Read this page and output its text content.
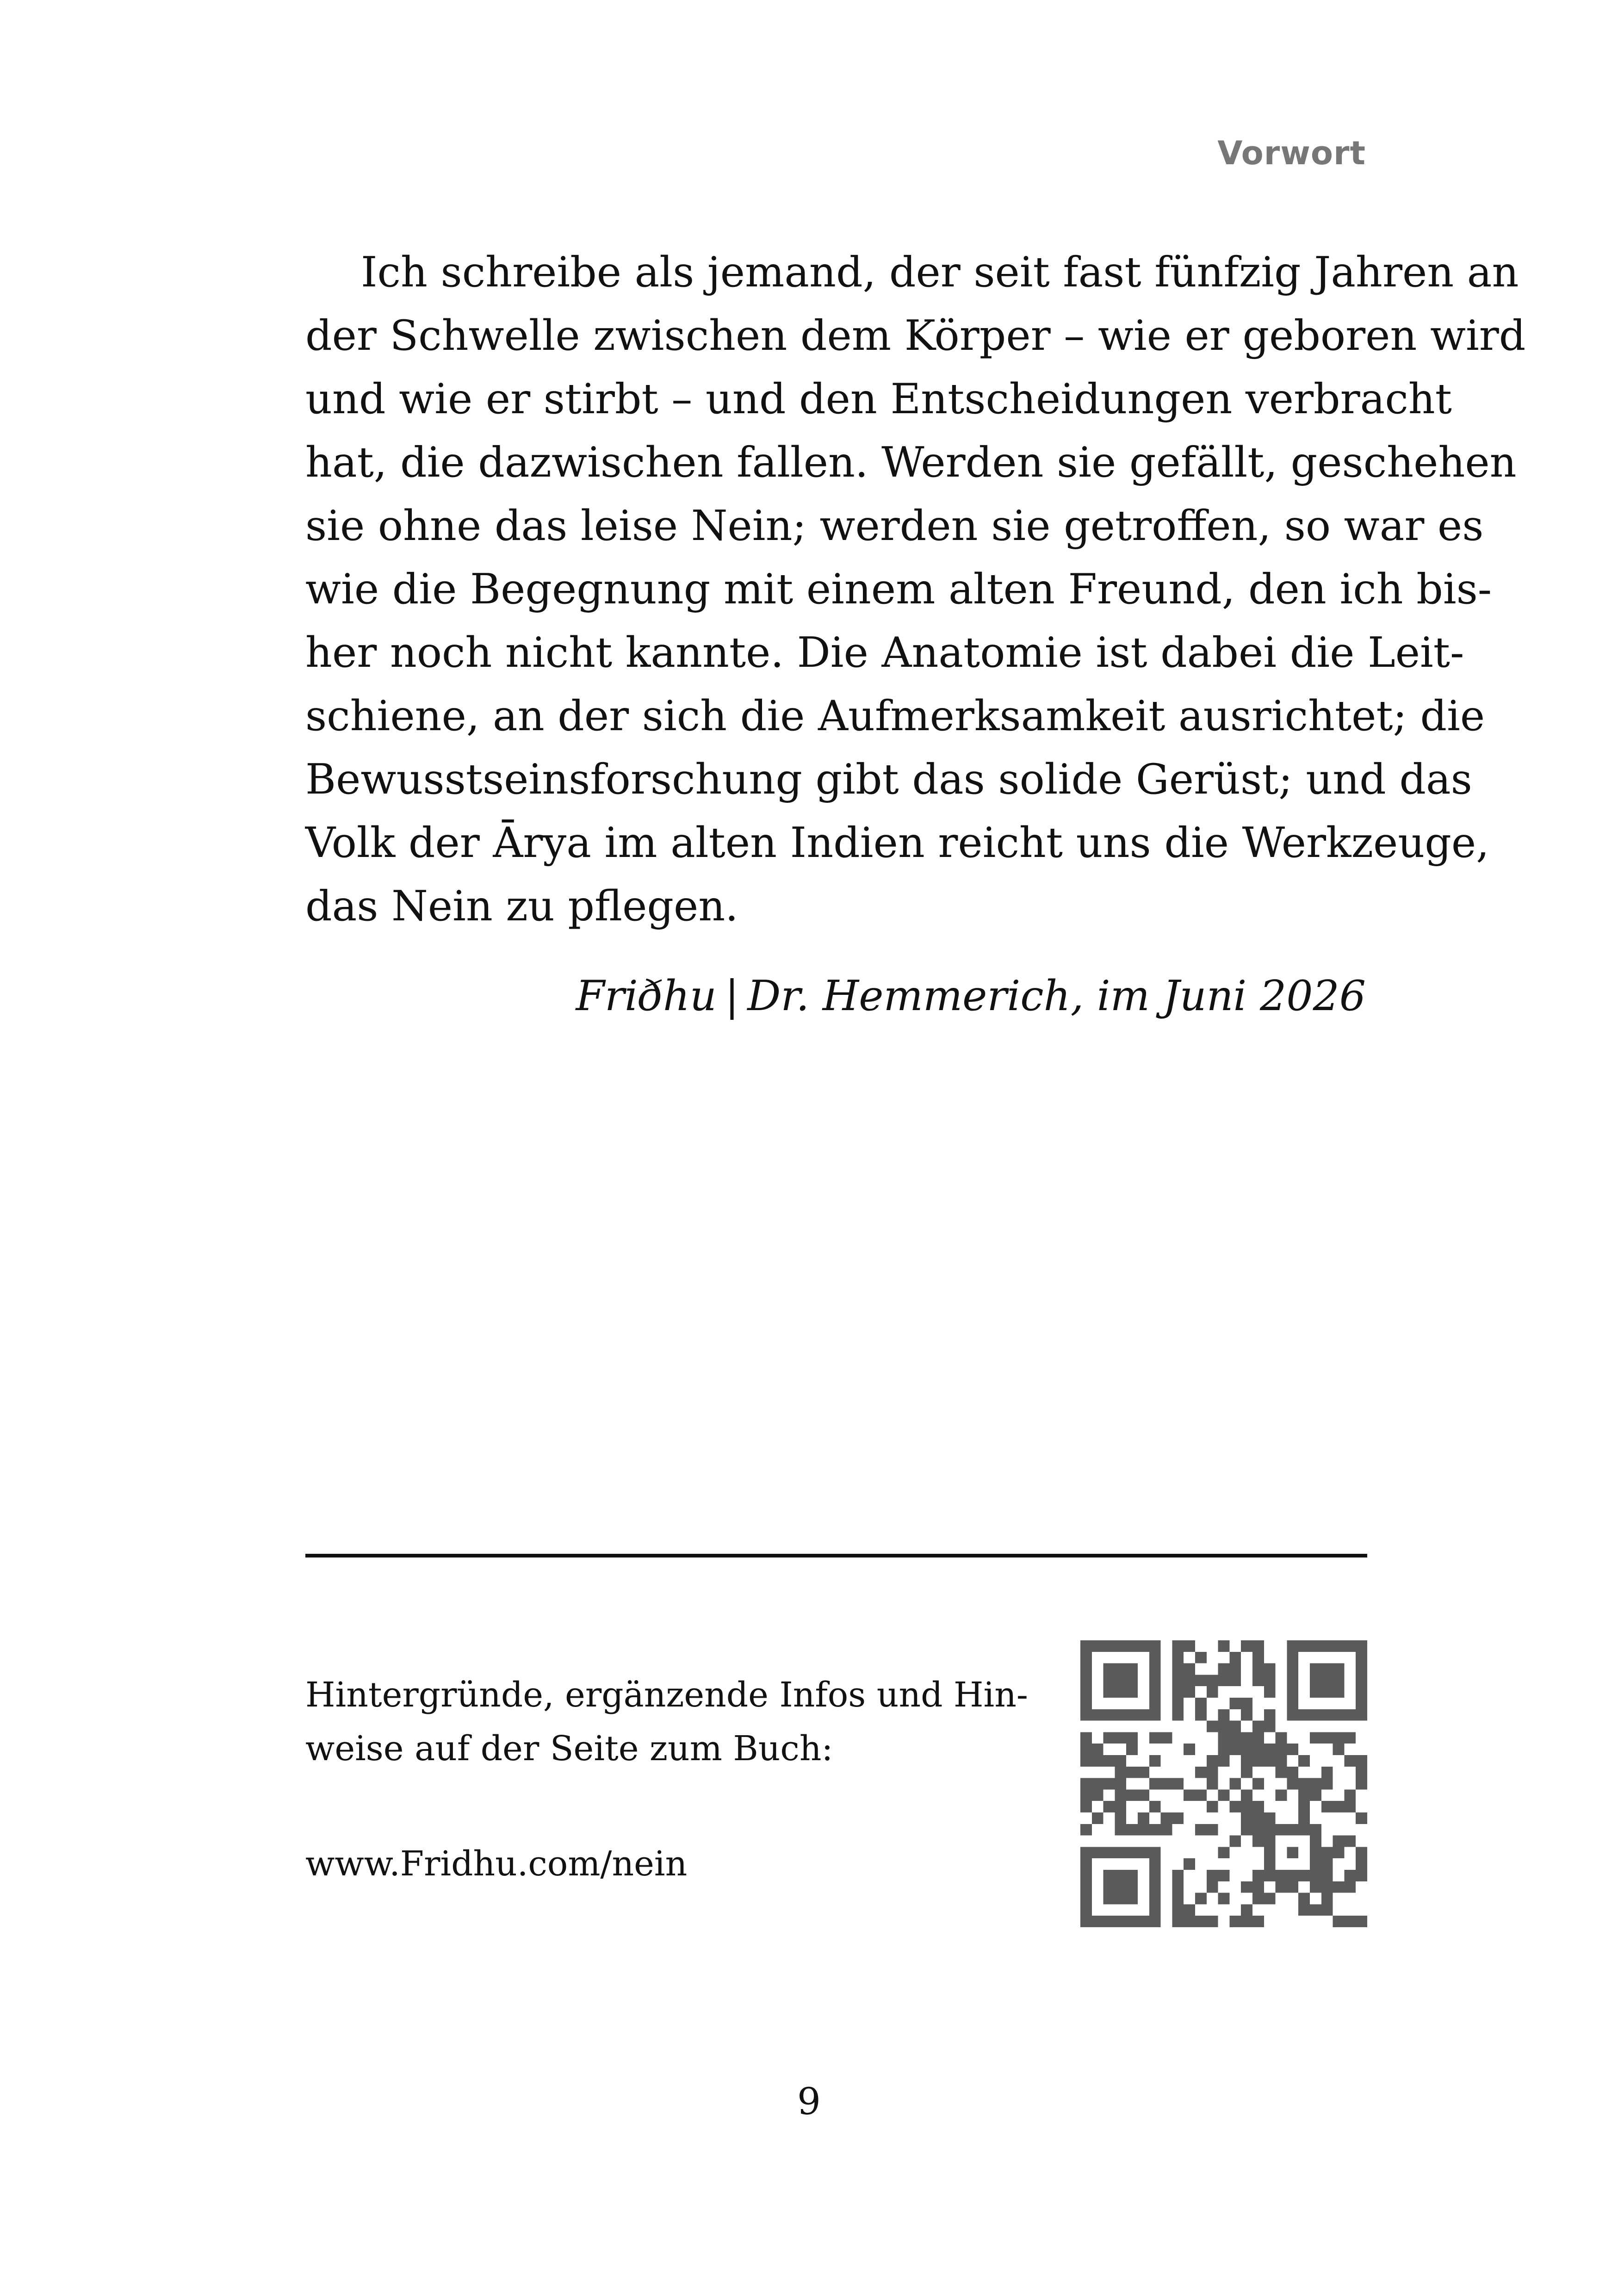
Vorwort
Ich schreibe als jemand, der seit fast fünfzig Jahren an
der Schwelle zwischen dem Körper – wie er geboren wird
und wie er stirbt – und den Entscheidungen verbracht
hat, die dazwischen fallen. Werden sie gefällt, geschehen
sie ohne das leise Nein; werden sie getroffen, so war es
wie die Begegnung mit einem alten Freund, den ich bis-
her noch nicht kannte. Die Anatomie ist dabei die Leit-
schiene, an der sich die Aufmerksamkeit ausrichtet; die
Bewusstseinsforschung gibt das solide Gerüst; und das
Volk der Ārya im alten Indien reicht uns die Werkzeuge,
das Nein zu pflegen.
Friðhu | Dr. Hemmerich, im Juni 2026
Hintergründe, ergänzende Infos und Hin-
weise auf der Seite zum Buch:
www.Fridhu.com/nein
9
